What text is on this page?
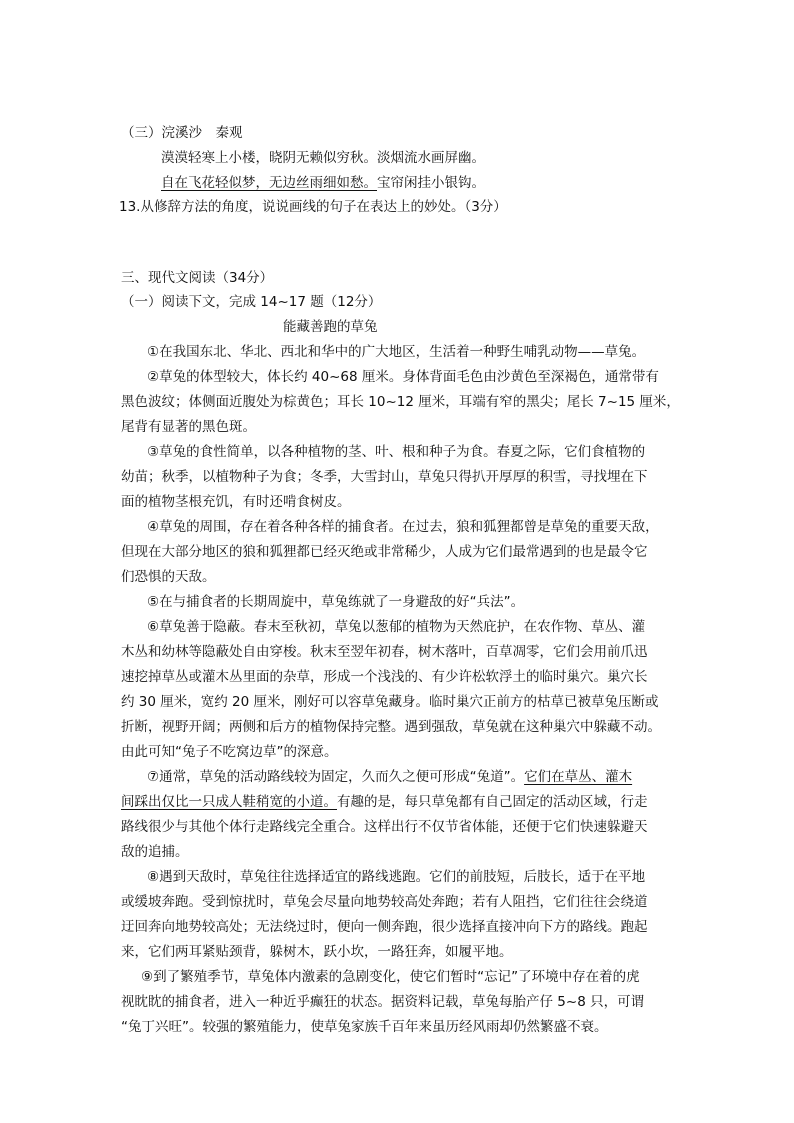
（三）浣溪沙　秦观
漠漠轻寒上小楼，晓阴无赖似穷秋。淡烟流水画屏幽。
自在飞花轻似梦，无边丝雨细如愁。宝帘闲挂小银钩。
13.从修辞方法的角度，说说画线的句子在表达上的妙处。（3分）
三、现代文阅读（34分）
（一）阅读下文，完成 14~17 题（12分）
能藏善跑的草兔
①在我国东北、华北、西北和华中的广大地区，生活着一种野生哺乳动物——草兔。
②草兔的体型较大，体长约 40~68 厘米。身体背面毛色由沙黄色至深褐色，通常带有
黑色波纹；体侧面近腹处为棕黄色；耳长 10~12 厘米，耳端有窄的黑尖；尾长 7~15 厘米，
尾背有显著的黑色斑。
③草兔的食性简单，以各种植物的茎、叶、根和种子为食。春夏之际，它们食植物的
幼苗；秋季，以植物种子为食；冬季，大雪封山，草兔只得扒开厚厚的积雪，寻找埋在下
面的植物茎根充饥，有时还啃食树皮。
④草兔的周围，存在着各种各样的捕食者。在过去，狼和狐狸都曾是草兔的重要天敌，
但现在大部分地区的狼和狐狸都已经灭绝或非常稀少，人成为它们最常遇到的也是最令它
们恐惧的天敌。
⑤在与捕食者的长期周旋中，草兔练就了一身避敌的好“兵法”。
⑥草兔善于隐蔽。春末至秋初，草兔以葱郁的植物为天然庇护，在农作物、草丛、灌
木丛和幼林等隐蔽处自由穿梭。秋末至翌年初春，树木落叶，百草凋零，它们会用前爪迅
速挖掉草丛或灌木丛里面的杂草，形成一个浅浅的、有少许松软浮土的临时巢穴。巢穴长
约 30 厘米，宽约 20 厘米，刚好可以容草兔藏身。临时巢穴正前方的枯草已被草兔压断或
折断，视野开阔；两侧和后方的植物保持完整。遇到强敌，草兔就在这种巢穴中躲藏不动。
由此可知“兔子不吃窝边草”的深意。
⑦通常，草兔的活动路线较为固定，久而久之便可形成“兔道”。它们在草丛、灌木
间踩出仅比一只成人鞋稍宽的小道。有趣的是，每只草兔都有自己固定的活动区域，行走
路线很少与其他个体行走路线完全重合。这样出行不仅节省体能，还便于它们快速躲避天
敌的追捕。
⑧遇到天敌时，草兔往往选择适宜的路线逃跑。它们的前肢短，后肢长，适于在平地
或缓坡奔跑。受到惊扰时，草兔会尽量向地势较高处奔跑；若有人阻挡，它们往往会绕道
迂回奔向地势较高处；无法绕过时，便向一侧奔跑，很少选择直接冲向下方的路线。跑起
来，它们两耳紧贴颈背，躲树木，跃小坎，一路狂奔，如履平地。
⑨到了繁殖季节，草兔体内激素的急剧变化，使它们暂时“忘记”了环境中存在着的虎
视眈眈的捕食者，进入一种近乎癫狂的状态。据资料记载，草兔每胎产仔 5~8 只，可谓
“兔丁兴旺”。较强的繁殖能力，使草兔家族千百年来虽历经风雨却仍然繁盛不衰。
